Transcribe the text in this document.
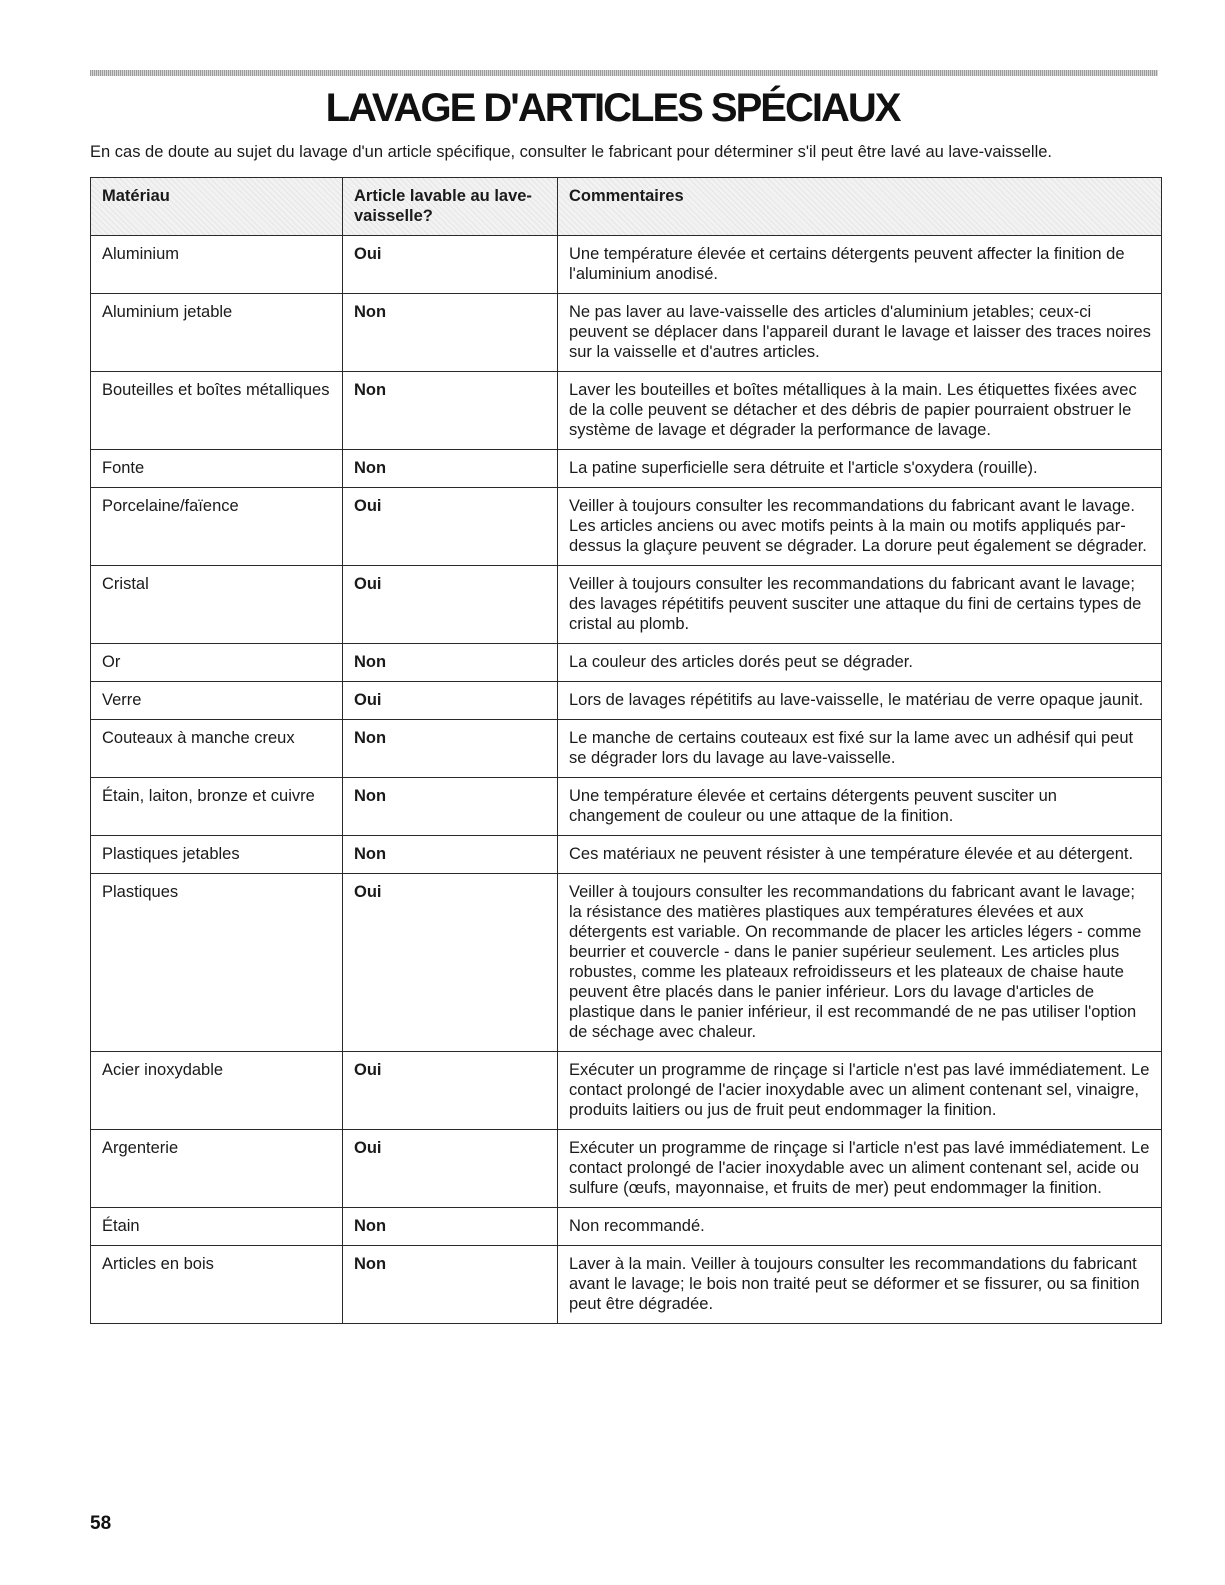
LAVAGE D'ARTICLES SPÉCIAUX

En cas de doute au sujet du lavage d'un article spécifique, consulter le fabricant pour déterminer s'il peut être lavé au lave-vaisselle.

Matériau	Article lavable au lave-vaisselle?	Commentaires
Aluminium	Oui	Une température élevée et certains détergents peuvent affecter la finition de l'aluminium anodisé.
Aluminium jetable	Non	Ne pas laver au lave-vaisselle des articles d'aluminium jetables; ceux-ci peuvent se déplacer dans l'appareil durant le lavage et laisser des traces noires sur la vaisselle et d'autres articles.
Bouteilles et boîtes métalliques	Non	Laver les bouteilles et boîtes métalliques à la main. Les étiquettes fixées avec de la colle peuvent se détacher et des débris de papier pourraient obstruer le système de lavage et dégrader la performance de lavage.
Fonte	Non	La patine superficielle sera détruite et l'article s'oxydera (rouille).
Porcelaine/faïence	Oui	Veiller à toujours consulter les recommandations du fabricant avant le lavage. Les articles anciens ou avec motifs peints à la main ou motifs appliqués par-dessus la glaçure peuvent se dégrader. La dorure peut également se dégrader.
Cristal	Oui	Veiller à toujours consulter les recommandations du fabricant avant le lavage; des lavages répétitifs peuvent susciter une attaque du fini de certains types de cristal au plomb.
Or	Non	La couleur des articles dorés peut se dégrader.
Verre	Oui	Lors de lavages répétitifs au lave-vaisselle, le matériau de verre opaque jaunit.
Couteaux à manche creux	Non	Le manche de certains couteaux est fixé sur la lame avec un adhésif qui peut se dégrader lors du lavage au lave-vaisselle.
Étain, laiton, bronze et cuivre	Non	Une température élevée et certains détergents peuvent susciter un changement de couleur ou une attaque de la finition.
Plastiques jetables	Non	Ces matériaux ne peuvent résister à une température élevée et au détergent.
Plastiques	Oui	Veiller à toujours consulter les recommandations du fabricant avant le lavage; la résistance des matières plastiques aux températures élevées et aux détergents est variable. On recommande de placer les articles légers - comme beurrier et couvercle - dans le panier supérieur seulement. Les articles plus robustes, comme les plateaux refroidisseurs et les plateaux de chaise haute peuvent être placés dans le panier inférieur. Lors du lavage d'articles de plastique dans le panier inférieur, il est recommandé de ne pas utiliser l'option de séchage avec chaleur.
Acier inoxydable	Oui	Exécuter un programme de rinçage si l'article n'est pas lavé immédiatement. Le contact prolongé de l'acier inoxydable avec un aliment contenant sel, vinaigre, produits laitiers ou jus de fruit peut endommager la finition.
Argenterie	Oui	Exécuter un programme de rinçage si l'article n'est pas lavé immédiatement. Le contact prolongé de l'acier inoxydable avec un aliment contenant sel, acide ou sulfure (œufs, mayonnaise, et fruits de mer) peut endommager la finition.
Étain	Non	Non recommandé.
Articles en bois	Non	Laver à la main. Veiller à toujours consulter les recommandations du fabricant avant le lavage; le bois non traité peut se déformer et se fissurer, ou sa finition peut être dégradée.
58
